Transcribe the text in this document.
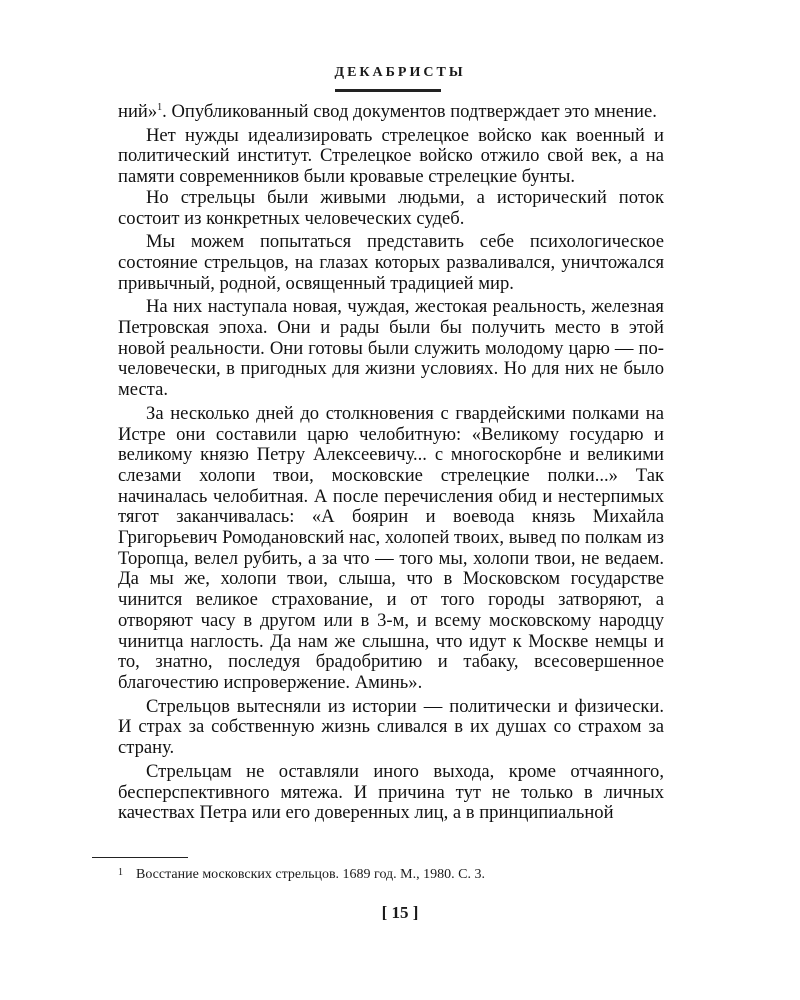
ДЕКАБРИСТЫ

ний»$^1$. Опубликованный свод документов подтверждает это мнение.

Нет нужды идеализировать стрелецкое войско как военный и политический институт. Стрелецкое войско отжило свой век, а на памяти современников были кровавые стрелецкие бунты.

Но стрельцы были живыми людьми, а исторический поток состоит из конкретных человеческих судеб.

Мы можем попытаться представить себе психологическое состояние стрельцов, на глазах которых разваливался, уничтожался привычный, родной, освященный традицией мир.

На них наступала новая, чуждая, жестокая реальность, железная Петровская эпоха. Они и рады были бы получить место в этой новой реальности. Они готовы были служить молодому царю — по-человечески, в пригодных для жизни условиях. Но для них не было места.

За несколько дней до столкновения с гвардейскими полками на Истре они составили царю челобитную: «Великому государю и великому князю Петру Алексеевичу... с многоскорбне и великими слезами холопи твои, московские стрелецкие полки...» Так начиналась челобитная. А после перечисления обид и нестерпимых тягот заканчивалась: «А боярин и воевода князь Михайла Григорьевич Ромодановский нас, холопей твоих, вывед по полкам из Торопца, велел рубить, а за что — того мы, холопи твои, не ведаем. Да мы же, холопи твои, слыша, что в Московском государстве чинится великое страхование, и от того городы затворяют, а отворяют часу в другом или в 3-м, и всему московскому народцу чинитца наглость. Да нам же слышна, что идут к Москве немцы и то, знатно, последуя брадобритию и табаку, всесовершенное благочестию испровержение. Аминь».

Стрельцов вытесняли из истории — политически и физически. И страх за собственную жизнь сливался в их душах со страхом за страну.

Стрельцам не оставляли иного выхода, кроме отчаянного, бесперспективного мятежа. И причина тут не только в личных качествах Петра или его доверенных лиц, а в принципиальной

1 Восстание московских стрельцов. 1689 год. М., 1980. С. 3.
[ 15 ]
